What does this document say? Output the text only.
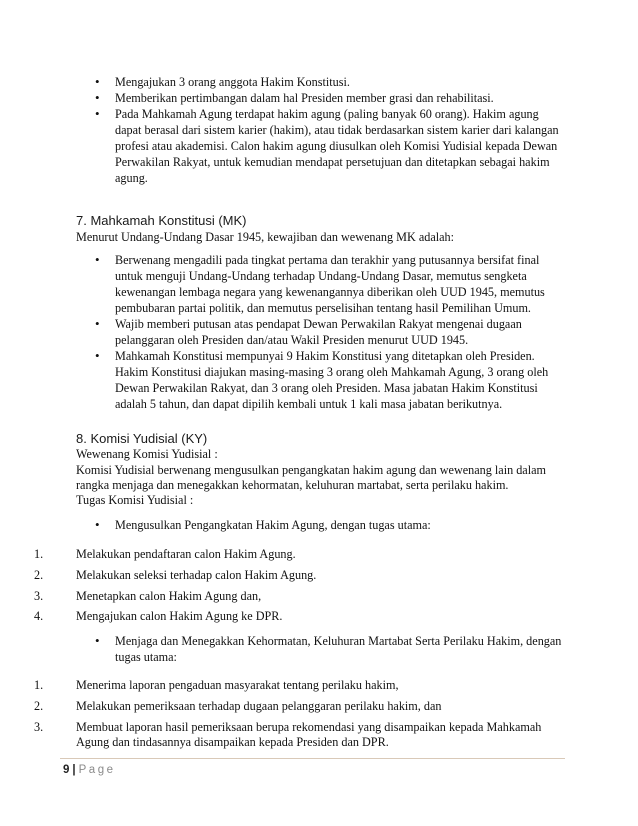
•	Mengajukan 3 orang anggota Hakim Konstitusi.
•	Memberikan pertimbangan dalam hal Presiden member grasi dan rehabilitasi.
•	Pada Mahkamah Agung terdapat hakim agung (paling banyak 60 orang). Hakim agung dapat berasal dari sistem karier (hakim), atau tidak berdasarkan sistem karier dari kalangan profesi atau akademisi. Calon hakim agung diusulkan oleh Komisi Yudisial kepada Dewan Perwakilan Rakyat, untuk kemudian mendapat persetujuan dan ditetapkan sebagai hakim agung.
7. Mahkamah Konstitusi (MK)
Menurut Undang-Undang Dasar 1945, kewajiban dan wewenang MK adalah:
•	Berwenang mengadili pada tingkat pertama dan terakhir yang putusannya bersifat final untuk menguji Undang-Undang terhadap Undang-Undang Dasar, memutus sengketa kewenangan lembaga negara yang kewenangannya diberikan oleh UUD 1945, memutus pembubaran partai politik, dan memutus perselisihan tentang hasil Pemilihan Umum.
•	Wajib memberi putusan atas pendapat Dewan Perwakilan Rakyat mengenai dugaan pelanggaran oleh Presiden dan/atau Wakil Presiden menurut UUD 1945.
•	Mahkamah Konstitusi mempunyai 9 Hakim Konstitusi yang ditetapkan oleh Presiden. Hakim Konstitusi diajukan masing-masing 3 orang oleh Mahkamah Agung, 3 orang oleh Dewan Perwakilan Rakyat, dan 3 orang oleh Presiden. Masa jabatan Hakim Konstitusi adalah 5 tahun, dan dapat dipilih kembali untuk 1 kali masa jabatan berikutnya.
8. Komisi Yudisial (KY)
Wewenang Komisi Yudisial :
Komisi Yudisial berwenang mengusulkan pengangkatan hakim agung dan wewenang lain dalam rangka menjaga dan menegakkan kehormatan, keluhuran martabat, serta perilaku hakim.
Tugas Komisi Yudisial :
•	Mengusulkan Pengangkatan Hakim Agung, dengan tugas utama:
1.	Melakukan pendaftaran calon Hakim Agung.
2.	Melakukan seleksi terhadap calon Hakim Agung.
3.	Menetapkan calon Hakim Agung dan,
4.	Mengajukan calon Hakim Agung ke DPR.
•	Menjaga dan Menegakkan Kehormatan, Keluhuran Martabat Serta Perilaku Hakim, dengan tugas utama:
1.	Menerima laporan pengaduan masyarakat tentang perilaku hakim,
2.	Melakukan pemeriksaan terhadap dugaan pelanggaran perilaku hakim, dan
3.	Membuat laporan hasil pemeriksaan berupa rekomendasi yang disampaikan kepada Mahkamah Agung dan tindasannya disampaikan kepada Presiden dan DPR.
9 | Page
